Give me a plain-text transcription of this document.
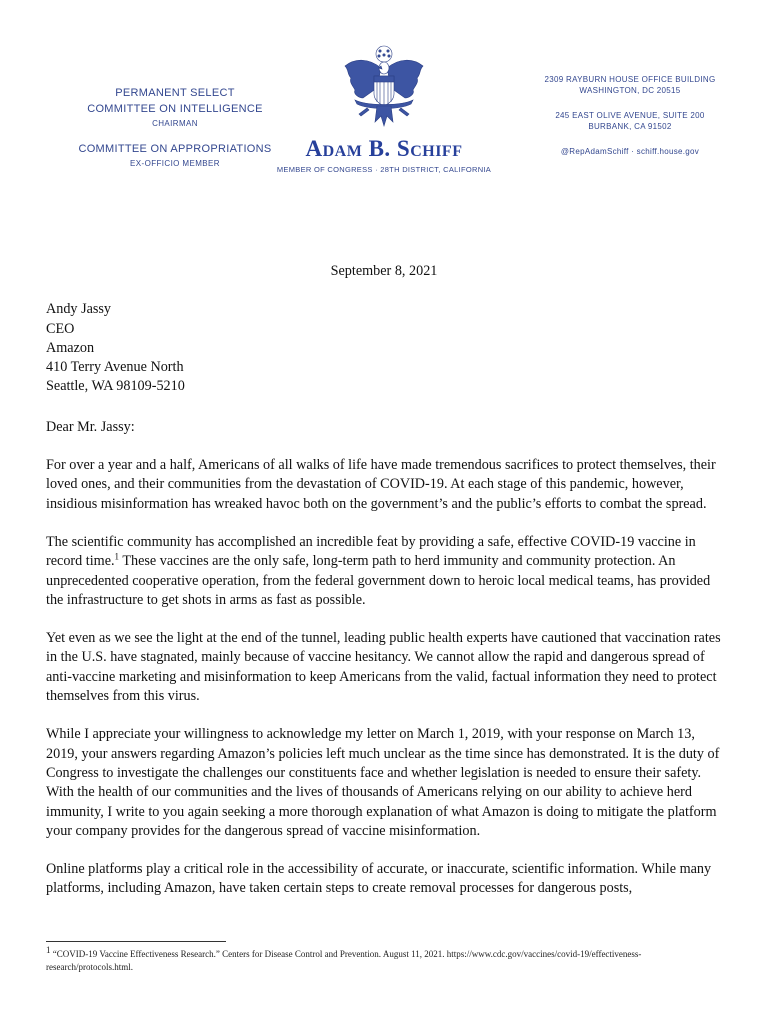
PERMANENT SELECT
COMMITTEE ON INTELLIGENCE
CHAIRMAN
COMMITTEE ON APPROPRIATIONS
EX-OFFICIO MEMBER
Adam B. Schiff
MEMBER OF CONGRESS · 28TH DISTRICT, CALIFORNIA
2309 RAYBURN HOUSE OFFICE BUILDING
WASHINGTON, DC 20515
245 EAST OLIVE AVENUE, SUITE 200
BURBANK, CA 91502
@RepAdamSchiff · schiff.house.gov
September 8, 2021
Andy Jassy
CEO
Amazon
410 Terry Avenue North
Seattle, WA 98109-5210
Dear Mr. Jassy:

For over a year and a half, Americans of all walks of life have made tremendous sacrifices to protect themselves, their loved ones, and their communities from the devastation of COVID-19. At each stage of this pandemic, however, insidious misinformation has wreaked havoc both on the government’s and the public’s efforts to combat the spread.

The scientific community has accomplished an incredible feat by providing a safe, effective COVID-19 vaccine in record time.$^1$ These vaccines are the only safe, long-term path to herd immunity and community protection. An unprecedented cooperative operation, from the federal government down to heroic local medical teams, has provided the infrastructure to get shots in arms as fast as possible.

Yet even as we see the light at the end of the tunnel, leading public health experts have cautioned that vaccination rates in the U.S. have stagnated, mainly because of vaccine hesitancy. We cannot allow the rapid and dangerous spread of anti-vaccine marketing and misinformation to keep Americans from the valid, factual information they need to protect themselves from this virus.

While I appreciate your willingness to acknowledge my letter on March 1, 2019, with your response on March 13, 2019, your answers regarding Amazon’s policies left much unclear as the time since has demonstrated. It is the duty of Congress to investigate the challenges our constituents face and whether legislation is needed to ensure their safety. With the health of our communities and the lives of thousands of Americans relying on our ability to achieve herd immunity, I write to you again seeking a more thorough explanation of what Amazon is doing to mitigate the platform your company provides for the dangerous spread of vaccine misinformation.

Online platforms play a critical role in the accessibility of accurate, or inaccurate, scientific information. While many platforms, including Amazon, have taken certain steps to create removal processes for dangerous posts,

$^1$ “COVID-19 Vaccine Effectiveness Research.” Centers for Disease Control and Prevention. August 11, 2021. https://www.cdc.gov/vaccines/covid-19/effectiveness-research/protocols.html.
